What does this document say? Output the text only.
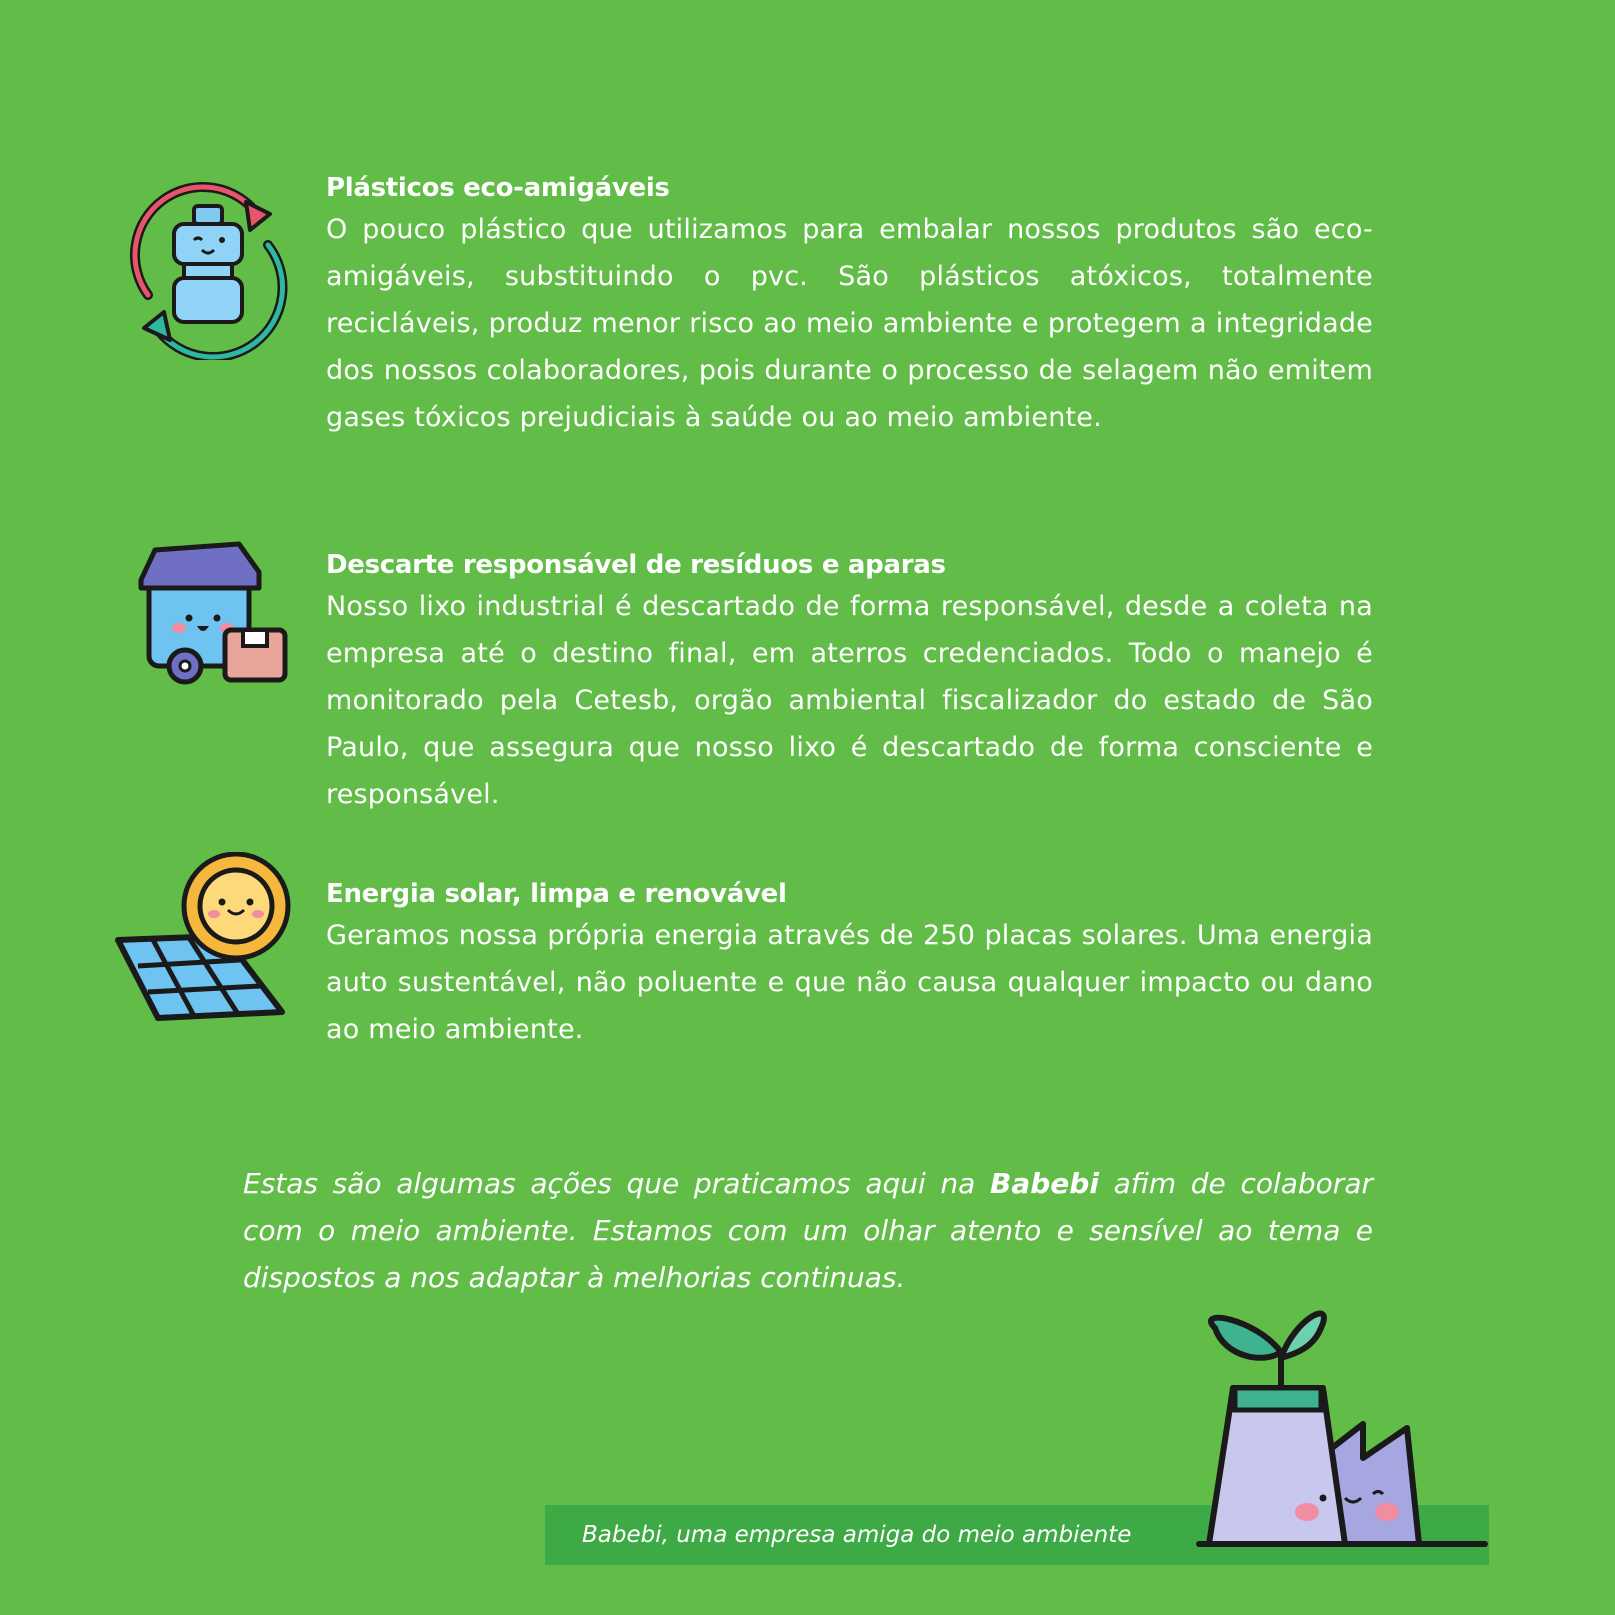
Plásticos eco-amigáveis
O pouco plástico que utilizamos para embalar nossos produtos são eco-amigáveis, substituindo o pvc. São plásticos atóxicos, totalmente recicláveis, produz menor risco ao meio ambiente e protegem a integridade dos nossos colaboradores, pois durante o processo de selagem não emitem gases tóxicos prejudiciais à saúde ou ao meio ambiente.
Descarte responsável de resíduos e aparas
Nosso lixo industrial é descartado de forma responsável, desde a coleta na empresa até o destino final, em aterros credenciados. Todo o manejo é monitorado pela Cetesb, orgão ambiental fiscalizador do estado de São Paulo, que assegura que nosso lixo é descartado de forma consciente e responsável.
Energia solar, limpa e renovável
Geramos nossa própria energia através de 250 placas solares. Uma energia auto sustentável, não poluente e que não causa qualquer impacto ou dano ao meio ambiente.
Estas são algumas ações que praticamos aqui na Babebi afim de colaborar com o meio ambiente. Estamos com um olhar atento e sensível ao tema e dispostos a nos adaptar à melhorias continuas.
Babebi, uma empresa amiga do meio ambiente
